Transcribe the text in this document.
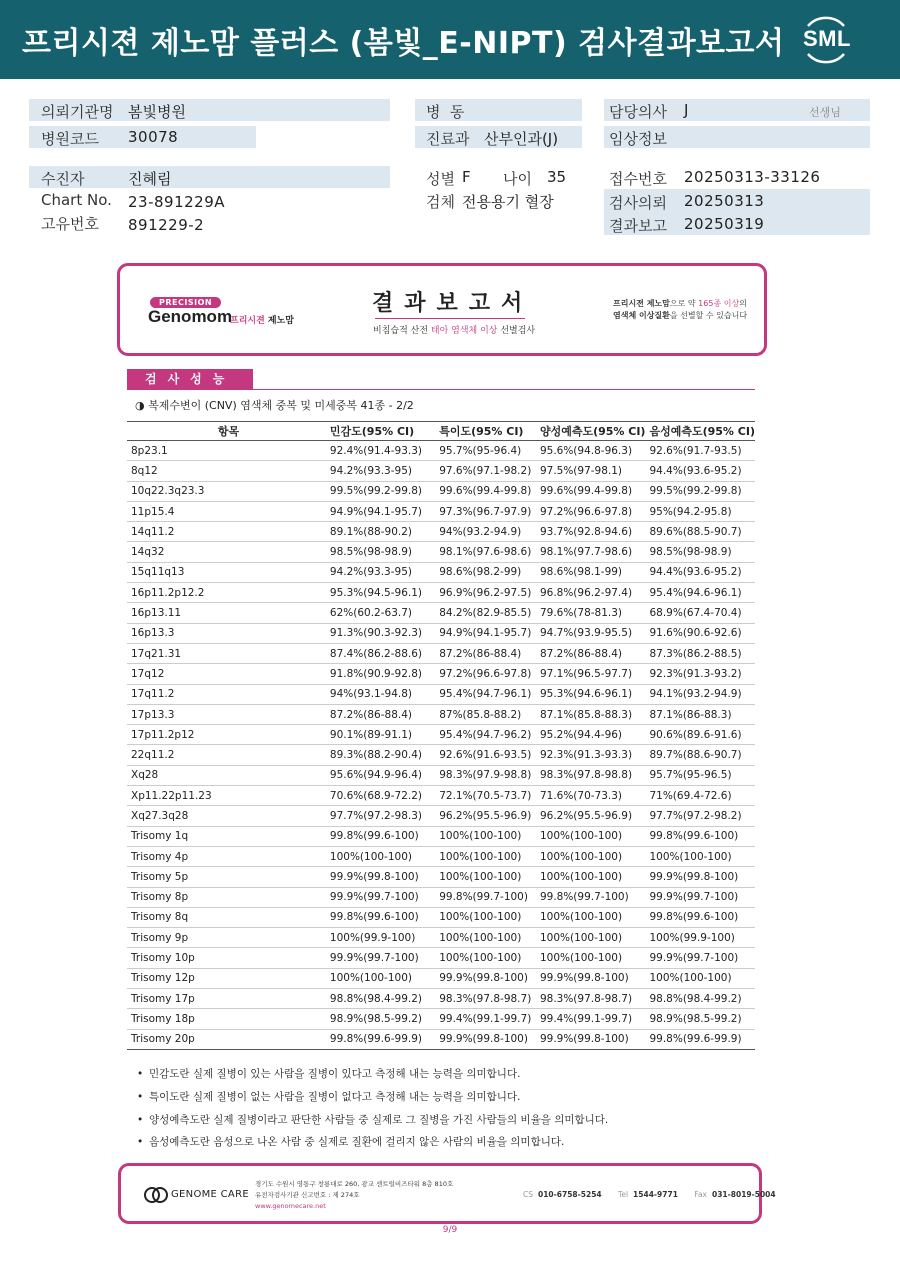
프리시젼 제노맘 플러스 (봄빛_E-NIPT) 검사결과보고서 SML
의뢰기관명 봄빛병원
병원코드 30078
수진자	진혜림
Chart No. 23-891229A
고유번호 891229-2
병  동
진료과 산부인과(J)
성별 F 나이 35
검체 전용용기 혈장
담당의사 J	선생님
임상정보
접수번호 20250313-33126
검사의뢰 20250313
결과보고 20250319
PRECISION
Genomom
프리시젼 제노맘
결과보고서
비침습적 산전 태아 염색체 이상 선별검사
프리시젼 제노맘으로 약 165종 이상의
염색체 이상질환을 선별할 수 있습니다
검사성능
◑ 복제수변이 (CNV) 염색체 중복 및 미세중복 41종 - 2/2
항목	민감도(95% CI)	특이도(95% CI)	양성예측도(95% CI)	음성예측도(95% CI)
8p23.1	92.4%(91.4-93.3)	95.7%(95-96.4)	95.6%(94.8-96.3)	92.6%(91.7-93.5)
8q12	94.2%(93.3-95)	97.6%(97.1-98.2)	97.5%(97-98.1)	94.4%(93.6-95.2)
10q22.3q23.3	99.5%(99.2-99.8)	99.6%(99.4-99.8)	99.6%(99.4-99.8)	99.5%(99.2-99.8)
11p15.4	94.9%(94.1-95.7)	97.3%(96.7-97.9)	97.2%(96.6-97.8)	95%(94.2-95.8)
14q11.2	89.1%(88-90.2)	94%(93.2-94.9)	93.7%(92.8-94.6)	89.6%(88.5-90.7)
14q32	98.5%(98-98.9)	98.1%(97.6-98.6)	98.1%(97.7-98.6)	98.5%(98-98.9)
15q11q13	94.2%(93.3-95)	98.6%(98.2-99)	98.6%(98.1-99)	94.4%(93.6-95.2)
16p11.2p12.2	95.3%(94.5-96.1)	96.9%(96.2-97.5)	96.8%(96.2-97.4)	95.4%(94.6-96.1)
16p13.11	62%(60.2-63.7)	84.2%(82.9-85.5)	79.6%(78-81.3)	68.9%(67.4-70.4)
16p13.3	91.3%(90.3-92.3)	94.9%(94.1-95.7)	94.7%(93.9-95.5)	91.6%(90.6-92.6)
17q21.31	87.4%(86.2-88.6)	87.2%(86-88.4)	87.2%(86-88.4)	87.3%(86.2-88.5)
17q12	91.8%(90.9-92.8)	97.2%(96.6-97.8)	97.1%(96.5-97.7)	92.3%(91.3-93.2)
17q11.2	94%(93.1-94.8)	95.4%(94.7-96.1)	95.3%(94.6-96.1)	94.1%(93.2-94.9)
17p13.3	87.2%(86-88.4)	87%(85.8-88.2)	87.1%(85.8-88.3)	87.1%(86-88.3)
17p11.2p12	90.1%(89-91.1)	95.4%(94.7-96.2)	95.2%(94.4-96)	90.6%(89.6-91.6)
22q11.2	89.3%(88.2-90.4)	92.6%(91.6-93.5)	92.3%(91.3-93.3)	89.7%(88.6-90.7)
Xq28	95.6%(94.9-96.4)	98.3%(97.9-98.8)	98.3%(97.8-98.8)	95.7%(95-96.5)
Xp11.22p11.23	70.6%(68.9-72.2)	72.1%(70.5-73.7)	71.6%(70-73.3)	71%(69.4-72.6)
Xq27.3q28	97.7%(97.2-98.3)	96.2%(95.5-96.9)	96.2%(95.5-96.9)	97.7%(97.2-98.2)
Trisomy 1q	99.8%(99.6-100)	100%(100-100)	100%(100-100)	99.8%(99.6-100)
Trisomy 4p	100%(100-100)	100%(100-100)	100%(100-100)	100%(100-100)
Trisomy 5p	99.9%(99.8-100)	100%(100-100)	100%(100-100)	99.9%(99.8-100)
Trisomy 8p	99.9%(99.7-100)	99.8%(99.7-100)	99.8%(99.7-100)	99.9%(99.7-100)
Trisomy 8q	99.8%(99.6-100)	100%(100-100)	100%(100-100)	99.8%(99.6-100)
Trisomy 9p	100%(99.9-100)	100%(100-100)	100%(100-100)	100%(99.9-100)
Trisomy 10p	99.9%(99.7-100)	100%(100-100)	100%(100-100)	99.9%(99.7-100)
Trisomy 12p	100%(100-100)	99.9%(99.8-100)	99.9%(99.8-100)	100%(100-100)
Trisomy 17p	98.8%(98.4-99.2)	98.3%(97.8-98.7)	98.3%(97.8-98.7)	98.8%(98.4-99.2)
Trisomy 18p	98.9%(98.5-99.2)	99.4%(99.1-99.7)	99.4%(99.1-99.7)	98.9%(98.5-99.2)
Trisomy 20p	99.8%(99.6-99.9)	99.9%(99.8-100)	99.9%(99.8-100)	99.8%(99.6-99.9)
• 민감도란 실제 질병이 있는 사람을 질병이 있다고 측정해 내는 능력을 의미합니다.
• 특이도란 실제 질병이 없는 사람을 질병이 없다고 측정해 내는 능력을 의미합니다.
• 양성예측도란 실제 질병이라고 판단한 사람들 중 실제로 그 질병을 가진 사람들의 비율을 의미합니다.
• 음성예측도란 음성으로 나온 사람 중 실제로 질환에 걸리지 않은 사람의 비율을 의미합니다.
GENOME CARE
경기도 수원시 영통구 창룡대로 260, 광교 센트럴비즈타워 8층 810호
유전자검사기관 신고번호 : 제 274호
www.genomecare.net
CS 010-6758-5254 Tel 1544-9771 Fax 031-8019-5004
9/9
